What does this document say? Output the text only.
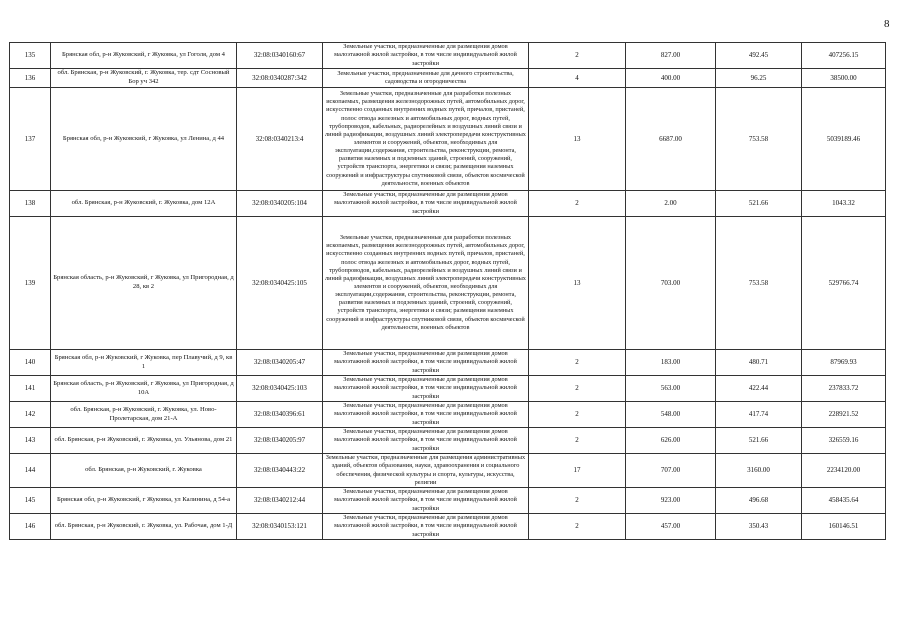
8
135	Брянская обл, р-н Жуковский, г Жуковка, ул Гоголя, дом 4	32:08:0340160:67	Земельные участки, предназначенные для размещения домов малоэтажной жилой застройки, в том числе индивидуальной жилой застройки	2	827.00	492.45	407256.15
136	обл. Брянская, р-н Жуковский, г. Жуковка, тер. сдт Сосновый Бор уч 342	32:08:0340287:342	Земельные участки, предназначенные для дачного строительства, садоводства и огородничества	4	400.00	96.25	38500.00
137	Брянская обл, р-н Жуковский, г Жуковка, ул Ленина, д 44	32:08:0340213:4	Земельные участки, предназначенные для разработки полезных ископаемых, размещения железнодорожных путей, автомобильных дорог, искусственно созданных внутренних водных путей, причалов, пристаней, полос отвода железных и автомобильных дорог, водных путей, трубопроводов, кабельных, радиорелейных и воздушных линий связи и линий радиофикации, воздушных линий электропередачи конструктивных элементов и сооружений, объектов, необходимых для эксплуатации,содержания, строительства, реконструкции, ремонта, развития наземных и подземных зданий, строений, сооружений, устройств транспорта, энергетики и связи; размещения наземных сооружений и инфраструктуры спутниковой связи, объектов космической деятельности, военных объектов	13	6687.00	753.58	5039189.46
138	обл. Брянская, р-н Жуковский, г. Жуковка, дом 12А	32:08:0340205:104	Земельные участки, предназначенные для размещения домов малоэтажной жилой застройки, в том числе индивидуальной жилой застройки	2	2.00	521.66	1043.32
139	Брянская область, р-н Жуковский, г Жуковка, ул Пригородная, д 28, кв 2	32:08:0340425:105	Земельные участки, предназначенные для разработки полезных ископаемых, размещения железнодорожных путей, автомобильных дорог, искусственно созданных внутренних водных путей, причалов, пристаней, полос отвода железных и автомобильных дорог, водных путей, трубопроводов, кабельных, радиорелейных и воздушных линий связи и линий радиофикации, воздушных линий электропередачи конструктивных элементов и сооружений, объектов, необходимых для эксплуатации,содержания, строительства, реконструкции, ремонта, развития наземных и подземных зданий, строений, сооружений, устройств транспорта, энергетики и связи; размещения наземных сооружений и инфраструктуры спутниковой связи, объектов космической деятельности, военных объектов	13	703.00	753.58	529766.74
140	Брянская обл, р-н Жуковский, г Жуковка, пер Плавучий, д 9, кв 1	32:08:0340205:47	Земельные участки, предназначенные для размещения домов малоэтажной жилой застройки, в том числе индивидуальной жилой застройки	2	183.00	480.71	87969.93
141	Брянская область, р-н Жуковский, г Жуковка, ул Пригородная, д 10А	32:08:0340425:103	Земельные участки, предназначенные для размещения домов малоэтажной жилой застройки, в том числе индивидуальной жилой застройки	2	563.00	422.44	237833.72
142	обл. Брянская, р-н Жуковский, г. Жуковка, ул. Ново-Пролетарская, дом 21-А	32:08:0340396:61	Земельные участки, предназначенные для размещения домов малоэтажной жилой застройки, в том числе индивидуальной жилой застройки	2	548.00	417.74	228921.52
143	обл. Брянская, р-н Жуковский, г. Жуковка, ул. Ульянова, дом 21	32:08:0340205:97	Земельные участки, предназначенные для размещения домов малоэтажной жилой застройки, в том числе индивидуальной жилой застройки	2	626.00	521.66	326559.16
144	обл. Брянская, р-н Жуковский, г. Жуковка	32:08:0340443:22	Земельные участки, предназначенные для размещения административных зданий, объектов образования, науки, здравоохранения и социального обеспечения, физической культуры и спорта, культуры, искусства, религии	17	707.00	3160.00	2234120.00
145	Брянская обл, р-н Жуковский, г Жуковка, ул Калинина, д 54-а	32:08:0340212:44	Земельные участки, предназначенные для размещения домов малоэтажной жилой застройки, в том числе индивидуальной жилой застройки	2	923.00	496.68	458435.64
146	обл. Брянская, р-н Жуковский, г. Жуковка, ул. Рабочая, дом 1-Д	32:08:0340153:121	Земельные участки, предназначенные для размещения домов малоэтажной жилой застройки, в том числе индивидуальной жилой застройки	2	457.00	350.43	160146.51
